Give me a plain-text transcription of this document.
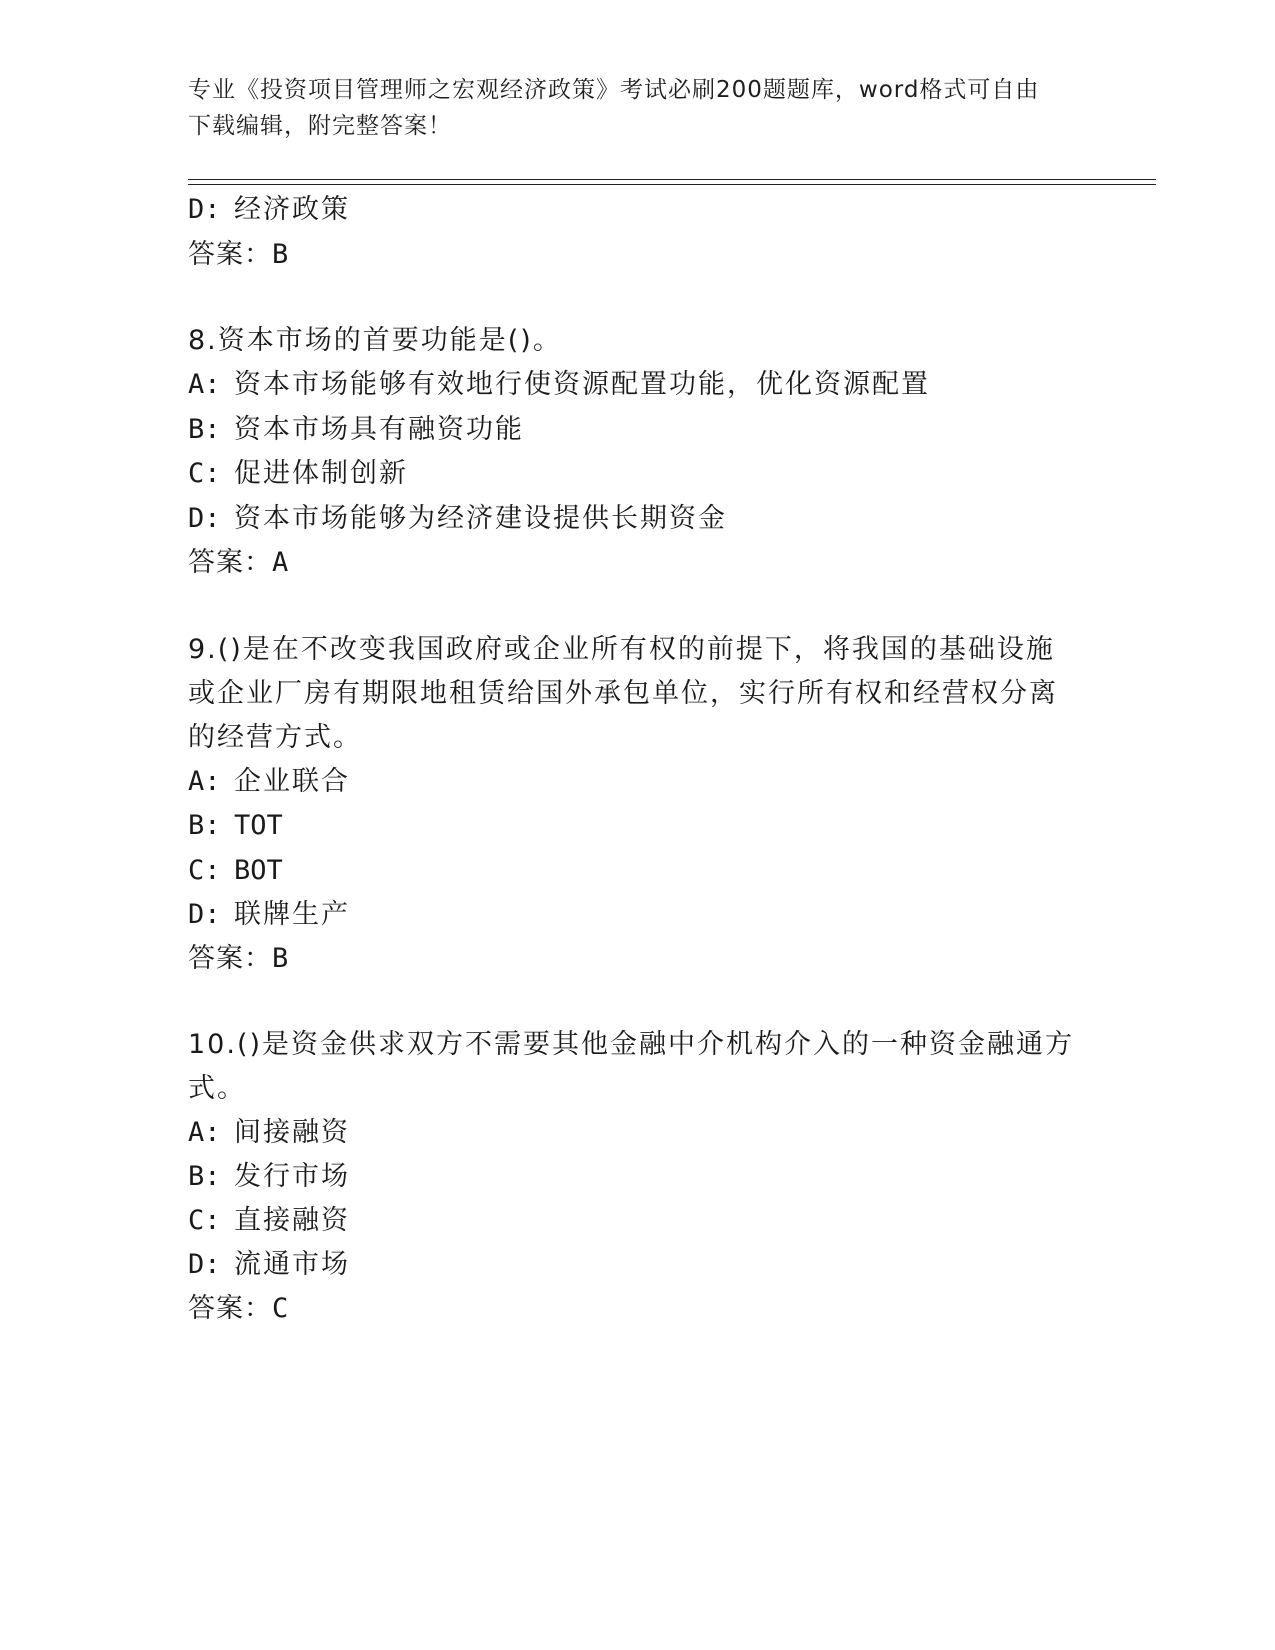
专业《投资项目管理师之宏观经济政策》考试必刷200题题库，word格式可自由
下载编辑，附完整答案！
D: 经济政策
答案：B
8.资本市场的首要功能是()。
A: 资本市场能够有效地行使资源配置功能，优化资源配置
B: 资本市场具有融资功能
C: 促进体制创新
D: 资本市场能够为经济建设提供长期资金
答案：A
9.()是在不改变我国政府或企业所有权的前提下，将我国的基础设施
或企业厂房有期限地租赁给国外承包单位，实行所有权和经营权分离
的经营方式。
A: 企业联合
B: TOT
C: BOT
D: 联牌生产
答案：B
10.()是资金供求双方不需要其他金融中介机构介入的一种资金融通方
式。
A: 间接融资
B: 发行市场
C: 直接融资
D: 流通市场
答案：C
